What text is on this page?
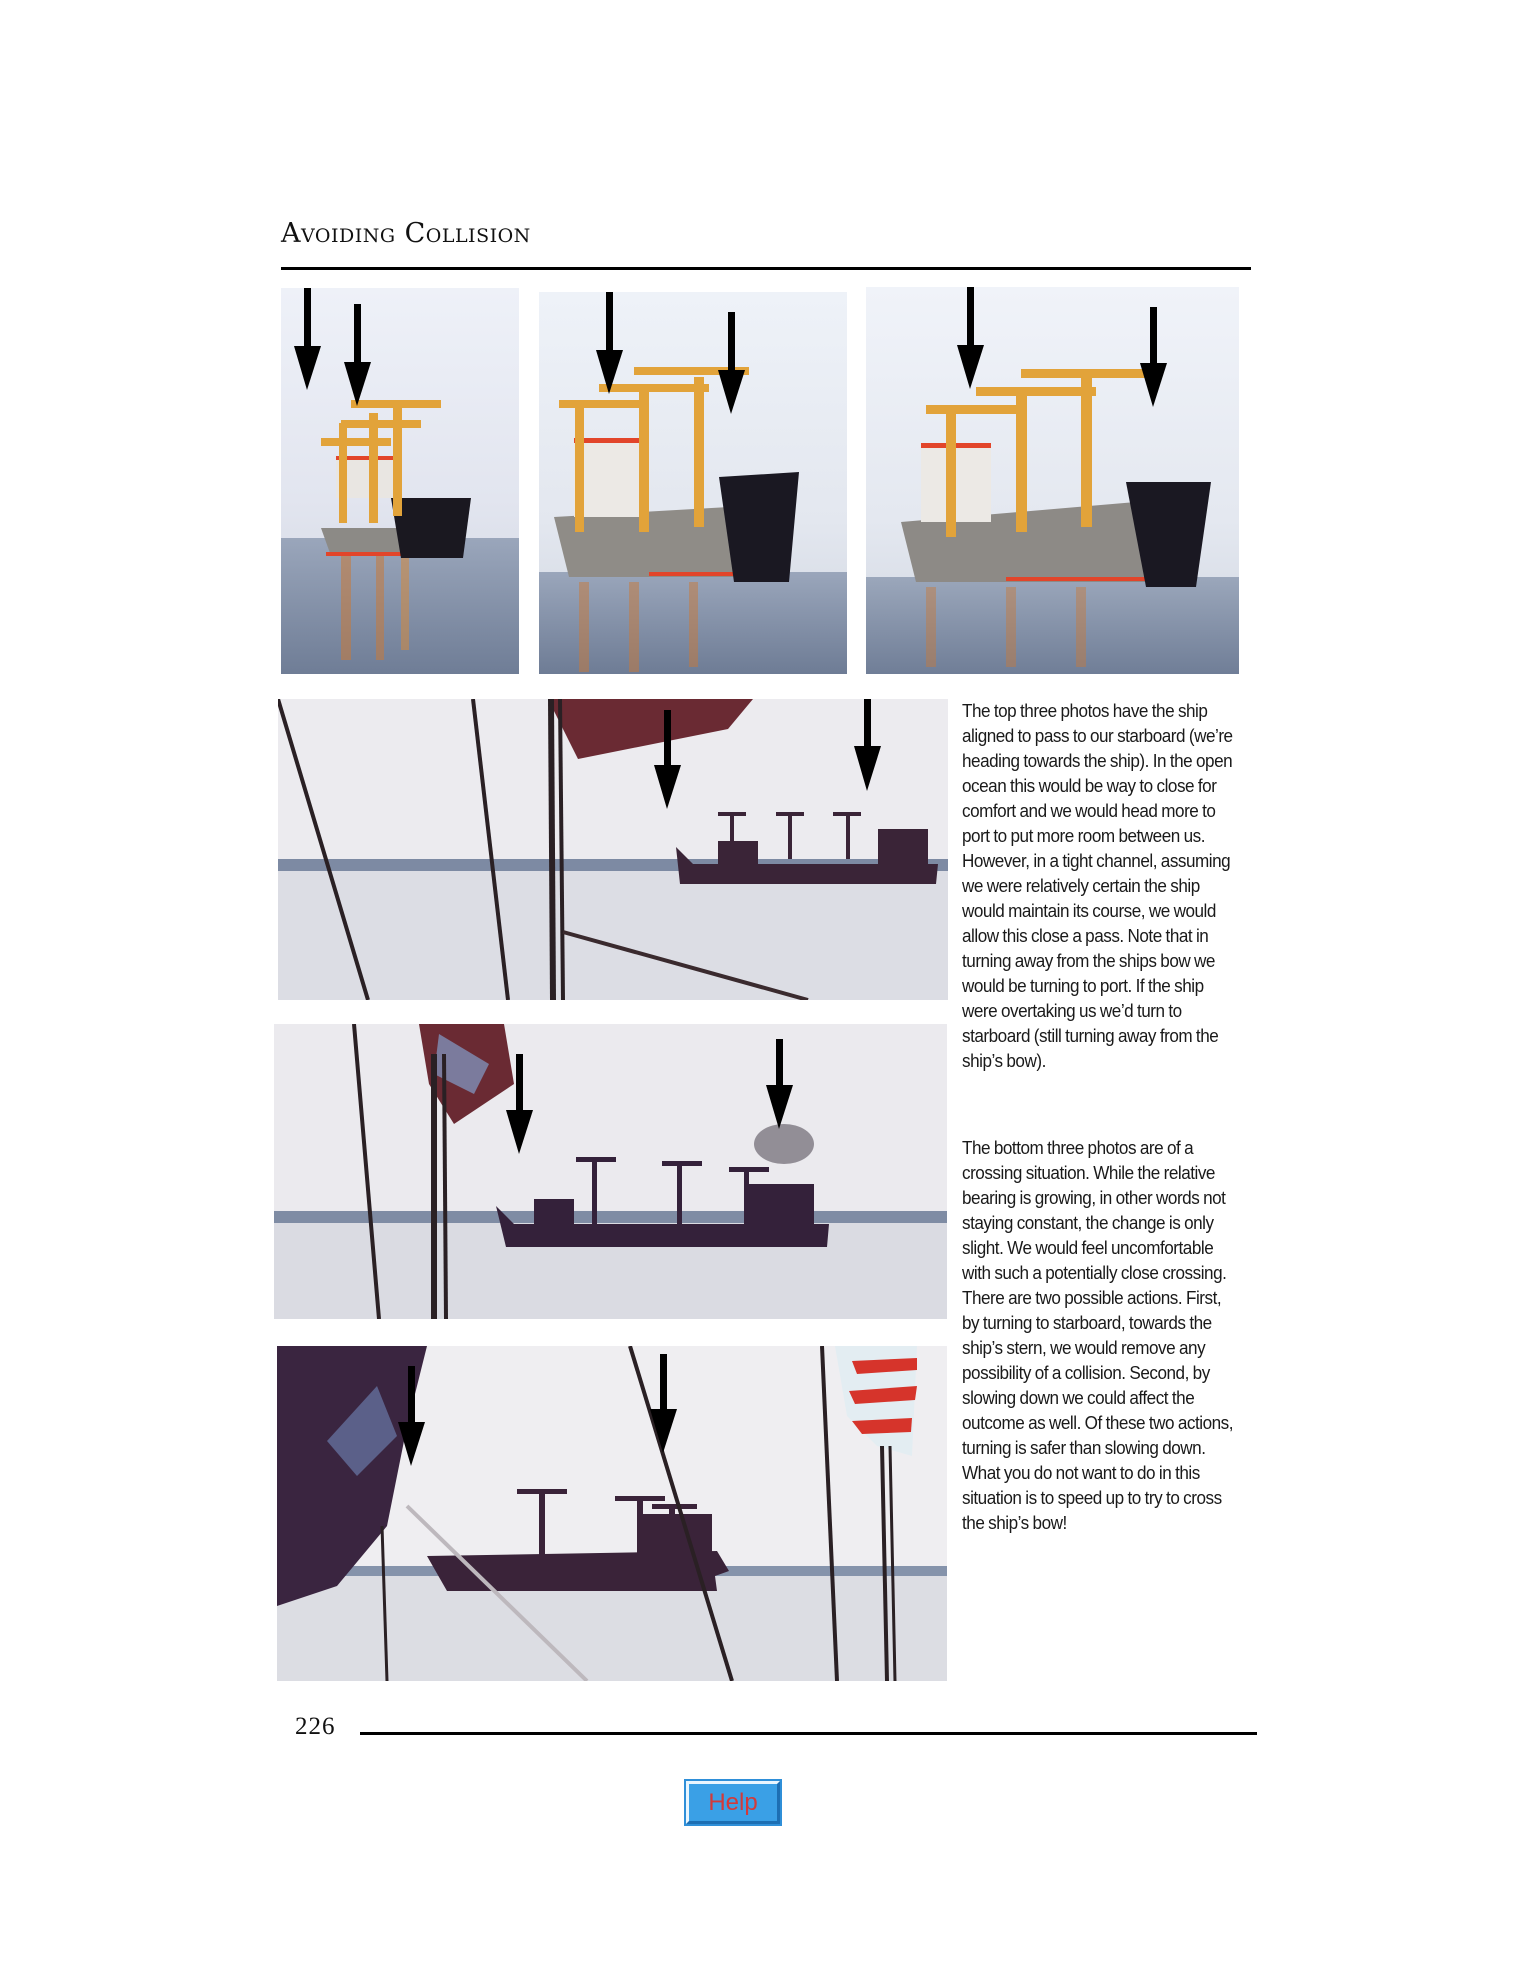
Avoiding Collision

The top three photos have the ship aligned to pass to our starboard (we’re heading towards the ship). In the open ocean this would be way to close for comfort and we would head more to port to put more room between us. However, in a tight channel, assuming we were relatively certain the ship would maintain its course, we would allow this close a pass. Note that in turning away from the ships bow we would be turning to port. If the ship were overtaking us we’d turn to starboard (still turning away from the ship’s bow).

The bottom three photos are of a crossing situation. While the relative bearing is growing, in other words not staying constant, the change is only slight. We would feel uncomfortable with such a potentially close crossing. There are two possible actions. First, by turning to starboard, towards the ship’s stern, we would remove any possibility of a collision. Second, by slowing down we could affect the outcome as well. Of these two actions, turning is safer than slowing down. What you do not want to do in this situation is to speed up to try to cross the ship’s bow!

226
Help
